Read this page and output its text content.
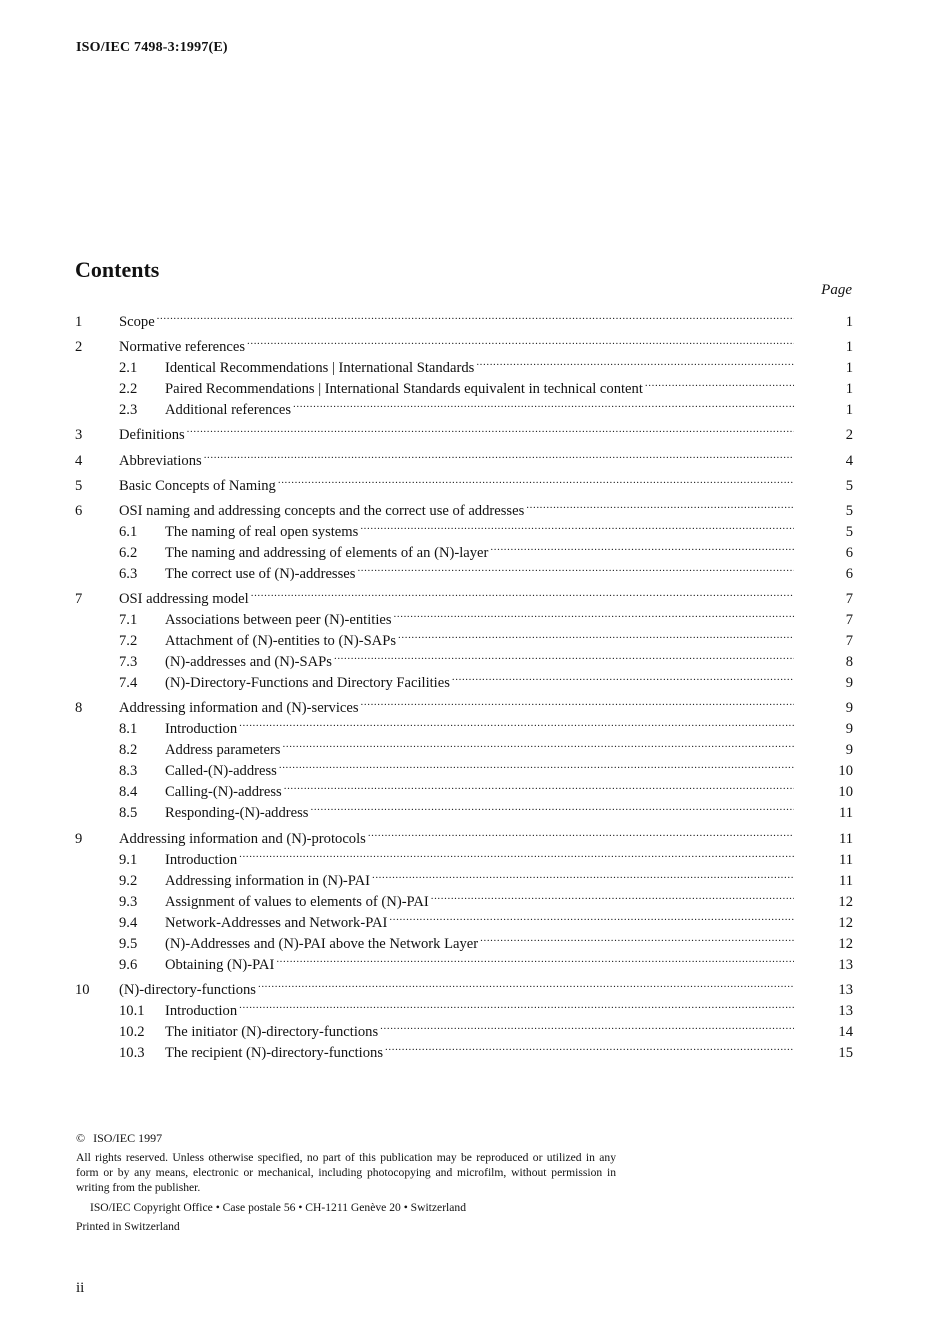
ISO/IEC 7498-3:1997(E)
Contents
Page
1	Scope .....	1
2	Normative references .....	1
2.1	Identical Recommendations | International Standards .....	1
2.2	Paired Recommendations | International Standards equivalent in technical content .....	1
2.3	Additional references .....	1
3	Definitions .....	2
4	Abbreviations .....	4
5	Basic Concepts of Naming .....	5
6	OSI naming and addressing concepts and the correct use of addresses .....	5
6.1	The naming of real open systems .....	5
6.2	The naming and addressing of elements of an (N)-layer .....	6
6.3	The correct use of (N)-addresses .....	6
7	OSI addressing model .....	7
7.1	Associations between peer (N)-entities .....	7
7.2	Attachment of (N)-entities to (N)-SAPs .....	7
7.3	(N)-addresses and (N)-SAPs .....	8
7.4	(N)-Directory-Functions and Directory Facilities .....	9
8	Addressing information and (N)-services .....	9
8.1	Introduction .....	9
8.2	Address parameters .....	9
8.3	Called-(N)-address .....	10
8.4	Calling-(N)-address .....	10
8.5	Responding-(N)-address .....	11
9	Addressing information and (N)-protocols .....	11
9.1	Introduction .....	11
9.2	Addressing information in (N)-PAI .....	11
9.3	Assignment of values to elements of (N)-PAI .....	12
9.4	Network-Addresses and Network-PAI .....	12
9.5	(N)-Addresses and (N)-PAI above the Network Layer .....	12
9.6	Obtaining (N)-PAI .....	13
10	(N)-directory-functions .....	13
10.1	Introduction .....	13
10.2	The initiator (N)-directory-functions .....	14
10.3	The recipient (N)-directory-functions .....	15
© ISO/IEC 1997
All rights reserved. Unless otherwise specified, no part of this publication may be reproduced or utilized in any form or by any means, electronic or mechanical, including photocopying and microfilm, without permission in writing from the publisher.
ISO/IEC Copyright Office • Case postale 56 • CH-1211 Genève 20 • Switzerland
Printed in Switzerland
ii
